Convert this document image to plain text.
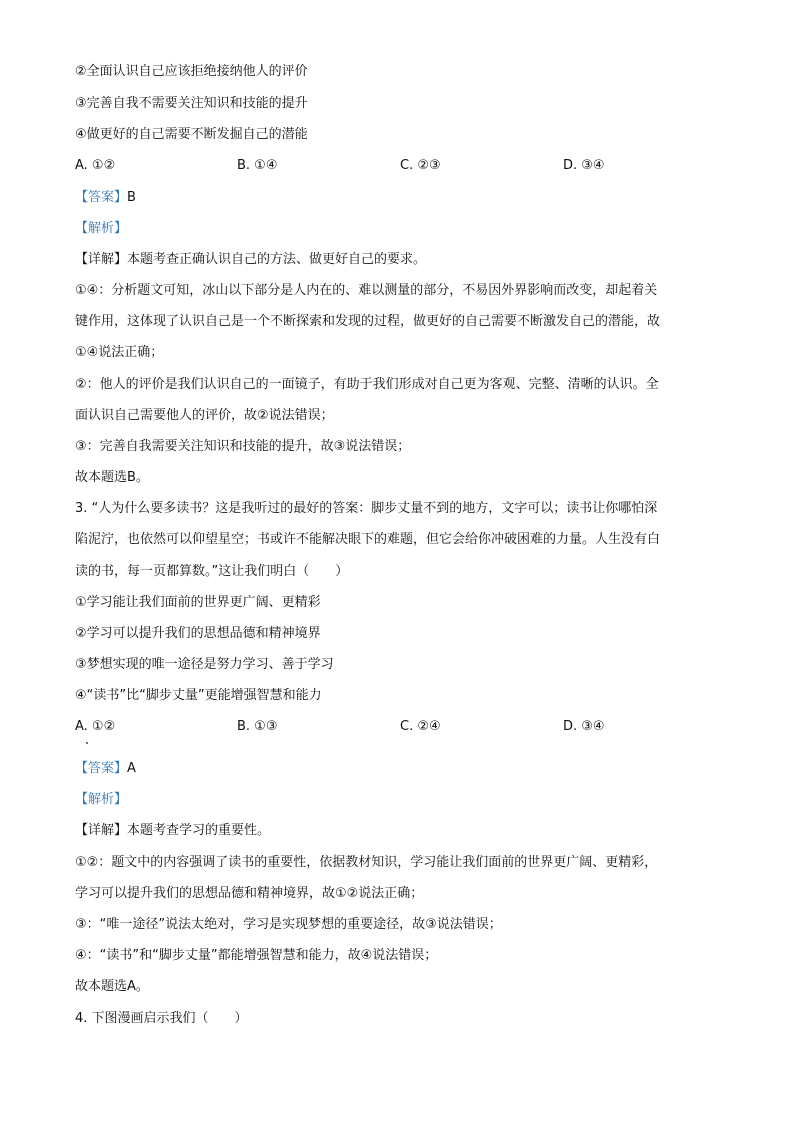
②全面认识自己应该拒绝接纳他人的评价
③完善自我不需要关注知识和技能的提升
④做更好的自己需要不断发掘自己的潜能
A. ①②	B. ①④	C. ②③	D. ③④
【答案】B
【解析】
【详解】本题考查正确认识自己的方法、做更好自己的要求。
①④：分析题文可知，冰山以下部分是人内在的、难以测量的部分，不易因外界影响而改变，却起着关
键作用，这体现了认识自己是一个不断探索和发现的过程，做更好的自己需要不断激发自己的潜能，故
①④说法正确；
②：他人的评价是我们认识自己的一面镜子，有助于我们形成对自己更为客观、完整、清晰的认识。全
面认识自己需要他人的评价，故②说法错误；
③：完善自我需要关注知识和技能的提升，故③说法错误；
故本题选B。
3. “人为什么要多读书？这是我听过的最好的答案：脚步丈量不到的地方，文字可以；读书让你哪怕深
陷泥泞，也依然可以仰望星空；书或许不能解决眼下的难题，但它会给你冲破困难的力量。人生没有白
读的书，每一页都算数。”这让我们明白（　　）
①学习能让我们面前的世界更广阔、更精彩
②学习可以提升我们的思想品德和精神境界
③梦想实现的唯一途径是努力学习、善于学习
④“读书”比“脚步丈量”更能增强智慧和能力
A. ①②	B. ①③	C. ②④	D. ③④
【答案】A
【解析】
【详解】本题考查学习的重要性。
①②：题文中的内容强调了读书的重要性，依据教材知识，学习能让我们面前的世界更广阔、更精彩，
学习可以提升我们的思想品德和精神境界，故①②说法正确；
③：“唯一途径”说法太绝对，学习是实现梦想的重要途径，故③说法错误；
④：“读书”和“脚步丈量”都能增强智慧和能力，故④说法错误；
故本题选A。
4. 下图漫画启示我们（　　）
